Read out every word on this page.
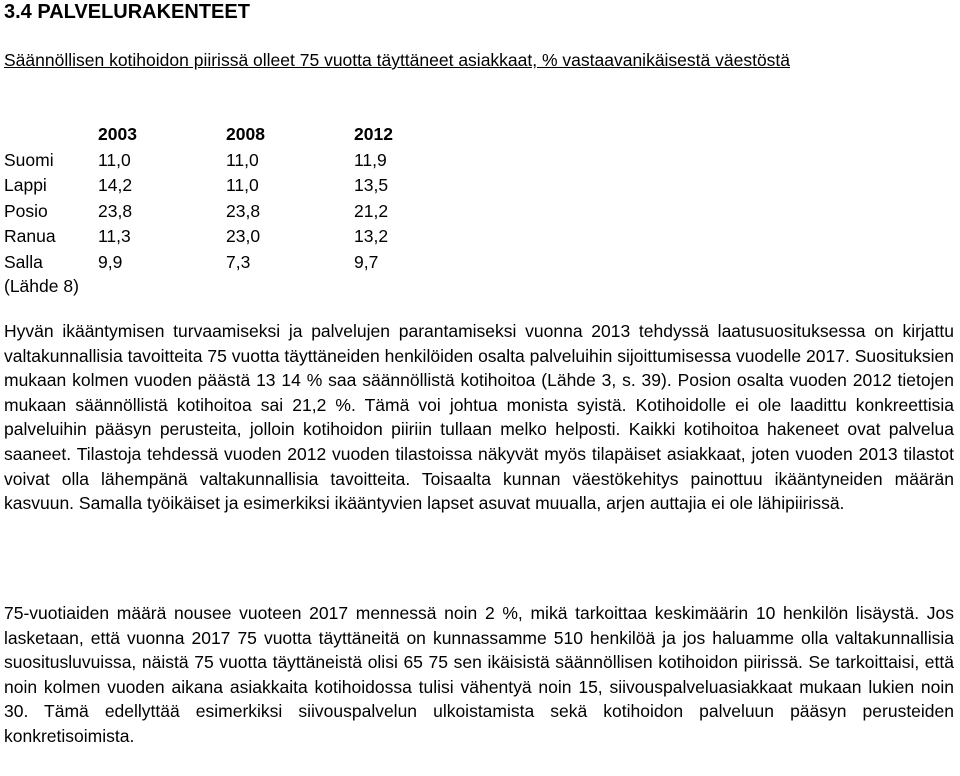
3.4 PALVELURAKENTEET
Säännöllisen kotihoidon piirissä olleet 75 vuotta täyttäneet asiakkaat, % vastaavanikäisestä väestöstä
	2003	2008	2012
Suomi	11,0	11,0	11,9
Lappi	14,2	11,0	13,5
Posio	23,8	23,8	21,2
Ranua	11,3	23,0	13,2
Salla	9,9	7,3	9,7
(Lähde 8)

Hyvän ikääntymisen turvaamiseksi ja palvelujen parantamiseksi vuonna 2013 tehdyssä laatusuosituksessa on kirjattu valtakunnallisia tavoitteita 75 vuotta täyttäneiden henkilöiden osalta palveluihin sijoittumisessa vuodelle 2017. Suosituksien mukaan kolmen vuoden päästä 13 14 % saa säännöllistä kotihoitoa (Lähde 3, s. 39). Posion osalta vuoden 2012 tietojen mukaan säännöllistä kotihoitoa sai 21,2 %. Tämä voi johtua monista syistä. Kotihoidolle ei ole laadittu konkreettisia palveluihin pääsyn perusteita, jolloin kotihoidon piiriin tullaan melko helposti. Kaikki kotihoitoa hakeneet ovat palvelua saaneet. Tilastoja tehdessä vuoden 2012 vuoden tilastoissa näkyvät myös tilapäiset asiakkaat, joten vuoden 2013 tilastot voivat olla lähempänä valtakunnallisia tavoitteita. Toisaalta kunnan väestökehitys painottuu ikääntyneiden määrän kasvuun. Samalla työikäiset ja esimerkiksi ikääntyvien lapset asuvat muualla, arjen auttajia ei ole lähipiirissä.

75-vuotiaiden määrä nousee vuoteen 2017 mennessä noin 2 %, mikä tarkoittaa keskimäärin 10 henkilön lisäystä. Jos lasketaan, että vuonna 2017 75 vuotta täyttäneitä on kunnassamme 510 henkilöä ja jos haluamme olla valtakunnallisia suositusluvuissa, näistä 75 vuotta täyttäneistä olisi 65 75 sen ikäisistä säännöllisen kotihoidon piirissä. Se tarkoittaisi, että noin kolmen vuoden aikana asiakkaita kotihoidossa tulisi vähentyä noin 15, siivouspalveluasiakkaat mukaan lukien noin 30. Tämä edellyttää esimerkiksi siivouspalvelun ulkoistamista sekä kotihoidon palveluun pääsyn perusteiden konkretisoimista.
